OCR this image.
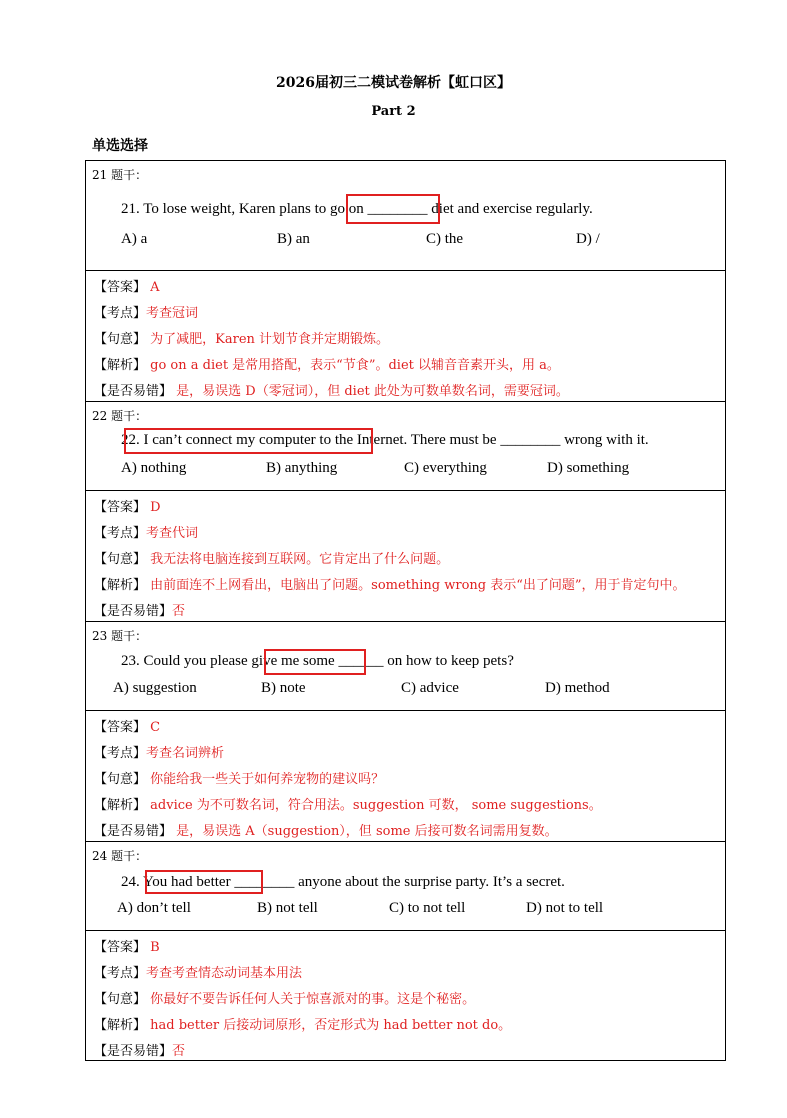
2026届初三二模试卷解析【虹口区】
Part 2
单选选择
21 题干：
21. To lose weight, Karen plans to go on ________ diet and exercise regularly.
A) a	B) an	C) the	D) /
【答案】 A
【考点】考查冠词
【句意】 为了减肥，Karen 计划节食并定期锻炼。
【解析】 go on a diet 是常用搭配，表示“节食”。diet 以辅音音素开头，用 a。
【是否易错】 是，易误选 D（零冠词），但 diet 此处为可数单数名词，需要冠词。
22 题干：
22. I can’t connect my computer to the Internet. There must be ________ wrong with it.
A) nothing	B) anything	C) everything	D) something
【答案】 D
【考点】考查代词
【句意】 我无法将电脑连接到互联网。它肯定出了什么问题。
【解析】 由前面连不上网看出，电脑出了问题。something wrong 表示“出了问题”，用于肯定句中。
【是否易错】否
23 题干：
23. Could you please give me some ______ on how to keep pets?
A) suggestion	B) note	C) advice	D) method
【答案】 C
【考点】考查名词辨析
【句意】 你能给我一些关于如何养宠物的建议吗？
【解析】 advice 为不可数名词，符合用法。suggestion 可数， some suggestions。
【是否易错】 是，易误选 A（suggestion），但 some 后接可数名词需用复数。
24 题干：
24. You had better ________ anyone about the surprise party. It’s a secret.
A) don’t tell	B) not tell	C) to not tell	D) not to tell
【答案】 B
【考点】考查考查情态动词基本用法
【句意】 你最好不要告诉任何人关于惊喜派对的事。这是个秘密。
【解析】 had better 后接动词原形，否定形式为 had better not do。
【是否易错】否
